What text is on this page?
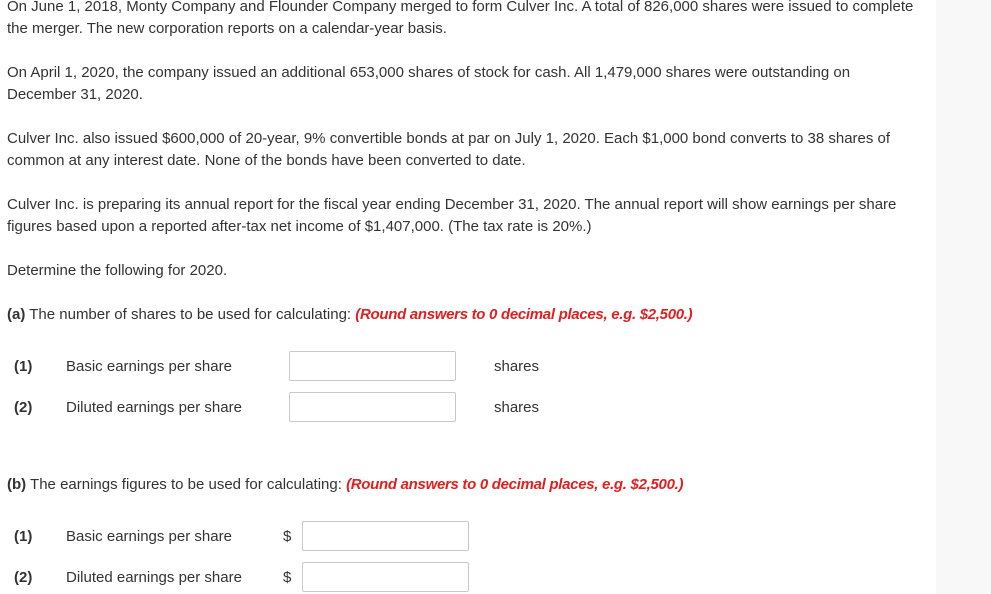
On June 1, 2018, Monty Company and Flounder Company merged to form Culver Inc. A total of 826,000 shares were issued to complete the merger. The new corporation reports on a calendar-year basis.

On April 1, 2020, the company issued an additional 653,000 shares of stock for cash. All 1,479,000 shares were outstanding on December 31, 2020.

Culver Inc. also issued $600,000 of 20-year, 9% convertible bonds at par on July 1, 2020. Each $1,000 bond converts to 38 shares of common at any interest date. None of the bonds have been converted to date.

Culver Inc. is preparing its annual report for the fiscal year ending December 31, 2020. The annual report will show earnings per share figures based upon a reported after-tax net income of $1,407,000. (The tax rate is 20%.)

Determine the following for 2020.

(a) The number of shares to be used for calculating: (Round answers to 0 decimal places, e.g. $2,500.)

(1) Basic earnings per share	shares
(2) Diluted earnings per share	shares

(b) The earnings figures to be used for calculating: (Round answers to 0 decimal places, e.g. $2,500.)

(1) Basic earnings per share	$
(2) Diluted earnings per share	$
